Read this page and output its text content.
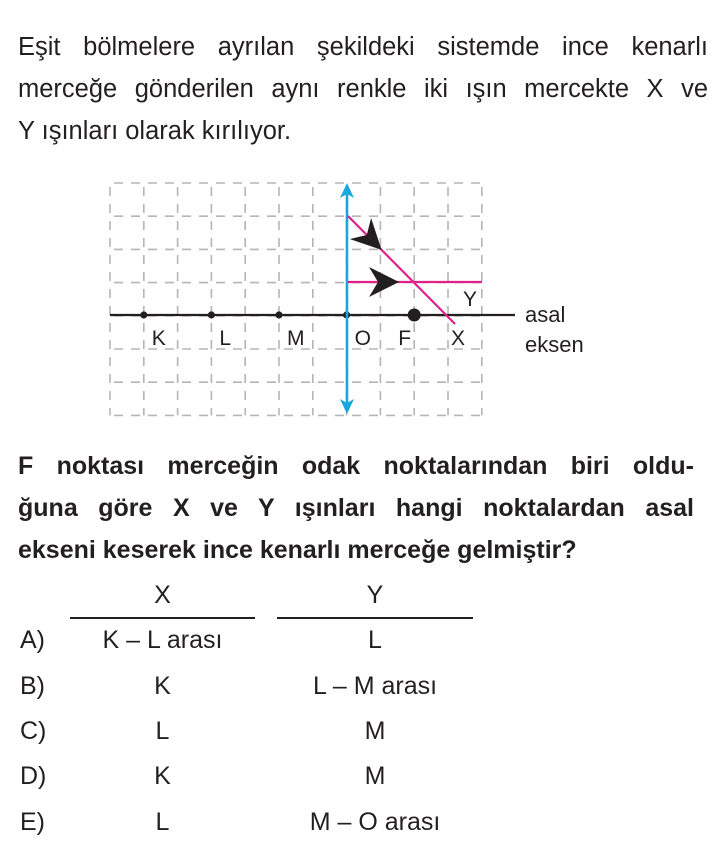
Eşit bölmelere ayrılan şekildeki sistemde ince kenarlı
merceğe gönderilen aynı renkle iki ışın mercekte X ve
Y ışınları olarak kırılıyor.
K	L	M O F
Y
X
asal
eksen
F noktası merceğin odak noktalarından biri oldu-
ğuna göre X ve Y ışınları hangi noktalardan asal
ekseni keserek ince kenarlı merceğe gelmiştir?
X	Y
A)	K – L arası	L
B)	K	L – M arası
C)	L	M
D)	K	M
E)	L	M – O arası
